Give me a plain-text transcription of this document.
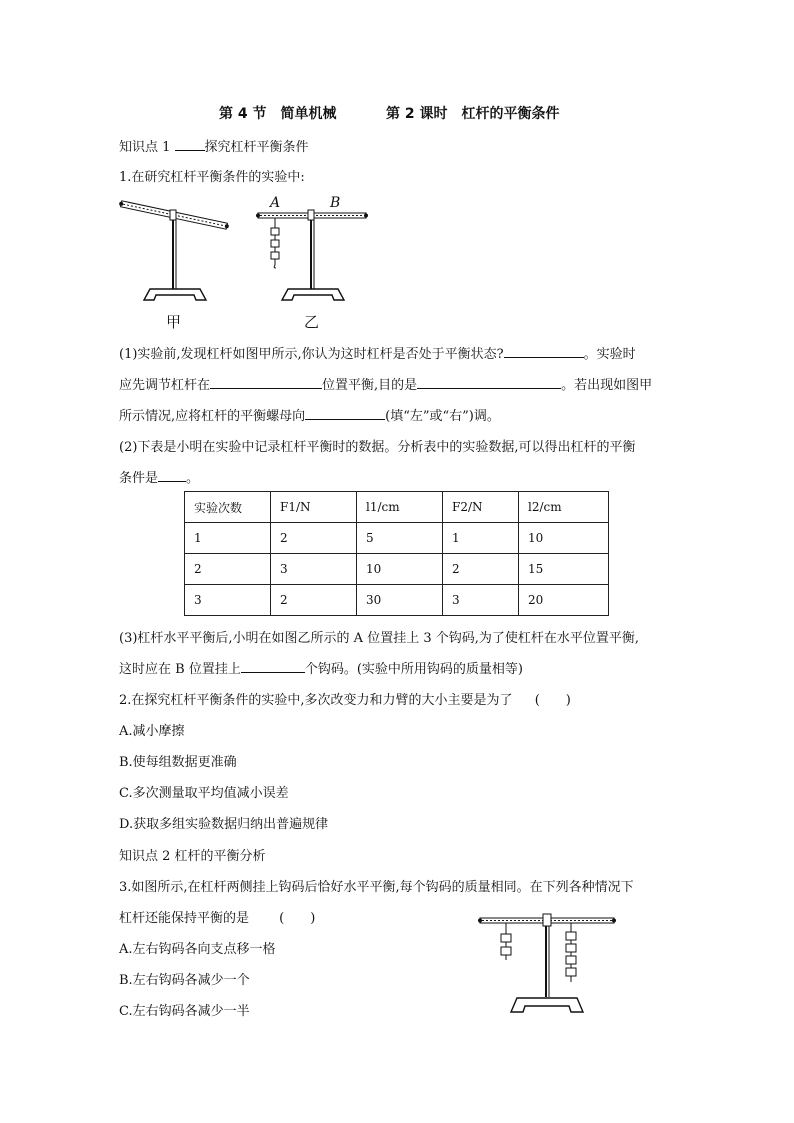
第 4 节　简单机械	第 2 课时　杠杆的平衡条件
知识点 1	探究杠杆平衡条件
1.在研究杠杆平衡条件的实验中:
甲
A	B
乙
(1)实验前,发现杠杆如图甲所示,你认为这时杠杆是否处于平衡状态?	。实验时
应先调节杠杆在	位置平衡,目的是	。若出现如图甲
所示情况,应将杠杆的平衡螺母向	(填“左”或“右”)调。
(2)下表是小明在实验中记录杠杆平衡时的数据。分析表中的实验数据,可以得出杠杆的平衡
条件是 。
实验次数	F1/N	l1/cm	F2/N	l2/cm
1	2	5	1	10
2	3	10	2	15
3	2	30	3	20
(3)杠杆水平平衡后,小明在如图乙所示的 A 位置挂上 3 个钩码,为了使杠杆在水平位置平衡,
这时应在 B 位置挂上	个钩码。(实验中所用钩码的质量相等)
2.在探究杠杆平衡条件的实验中,多次改变力和力臂的大小主要是为了 (　　)
A.减小摩擦
B.使每组数据更准确
C.多次测量取平均值减小误差
D.获取多组实验数据归纳出普遍规律
知识点 2 杠杆的平衡分析
3.如图所示,在杠杆两侧挂上钩码后恰好水平平衡,每个钩码的质量相同。在下列各种情况下
杠杆还能保持平衡的是 (　　)
A.左右钩码各向支点移一格
B.左右钩码各减少一个
C.左右钩码各减少一半
